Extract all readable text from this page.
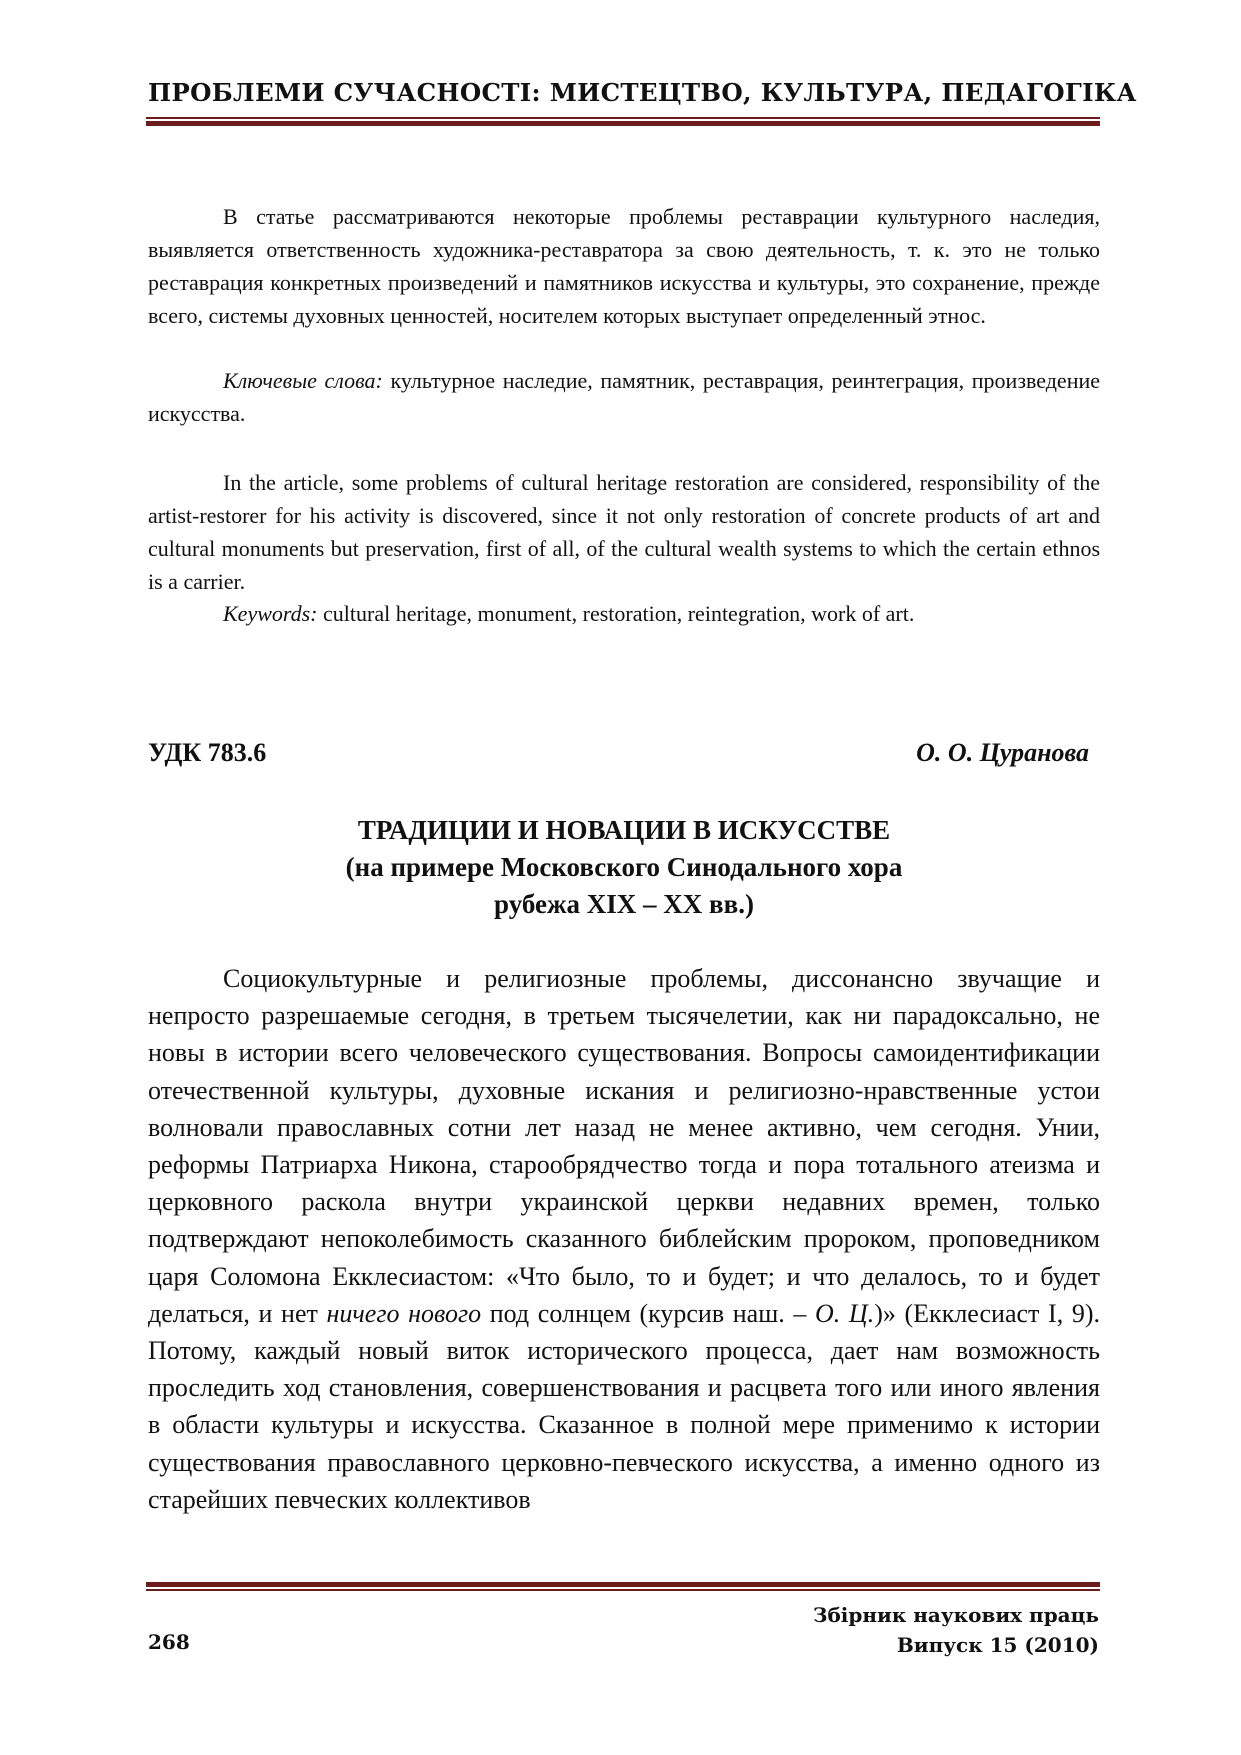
ПРОБЛЕМИ СУЧАСНОСТІ: МИСТЕЦТВО, КУЛЬТУРА, ПЕДАГОГІКА

В статье рассматриваются некоторые проблемы реставрации культурного наследия, выявляется ответственность художника-реставратора за свою деятельность, т. к. это не только реставрация конкретных произведений и памятников искусства и культуры, это сохранение, прежде всего, системы духовных ценностей, носителем которых выступает определенный этнос.

Ключевые слова: культурное наследие, памятник, реставрация, реинтеграция, произведение искусства.

In the article, some problems of cultural heritage restoration are considered, responsibility of the artist-restorer for his activity is discovered, since it not only restoration of concrete products of art and cultural monuments but preservation, first of all, of the cultural wealth systems to which the certain ethnos is a carrier.

Keywords: cultural heritage, monument, restoration, reintegration, work of art.

УДК 783.6	О. О. Цуранова
ТРАДИЦИИ И НОВАЦИИ В ИСКУССТВЕ
(на примере Московского Синодального хора
рубежа XIX – XX вв.)

Социокультурные и религиозные проблемы, диссонансно звучащие и непросто разрешаемые сегодня, в третьем тысячелетии, как ни парадоксально, не новы в истории всего человеческого существования. Вопросы самоидентификации отечественной культуры, духовные искания и религиозно-нравственные устои волновали православных сотни лет назад не менее активно, чем сегодня. Унии, реформы Патриарха Никона, старообрядчество тогда и пора тотального атеизма и церковного раскола внутри украинской церкви недавних времен, только подтверждают непоколебимость сказанного библейским пророком, проповедником царя Соломона Екклесиастом: «Что было, то и будет; и что делалось, то и будет делаться, и нет ничего нового под солнцем (курсив наш. – О. Ц.)» (Екклесиаст I, 9). Потому, каждый новый виток исторического процесса, дает нам возможность проследить ход становления, совершенствования и расцвета того или иного явления в области культуры и искусства. Сказанное в полной мере применимо к истории существования православного церковно-певческого искусства, а именно одного из старейших певческих коллективов

Збірник наукових праць
Випуск 15 (2010)
268
